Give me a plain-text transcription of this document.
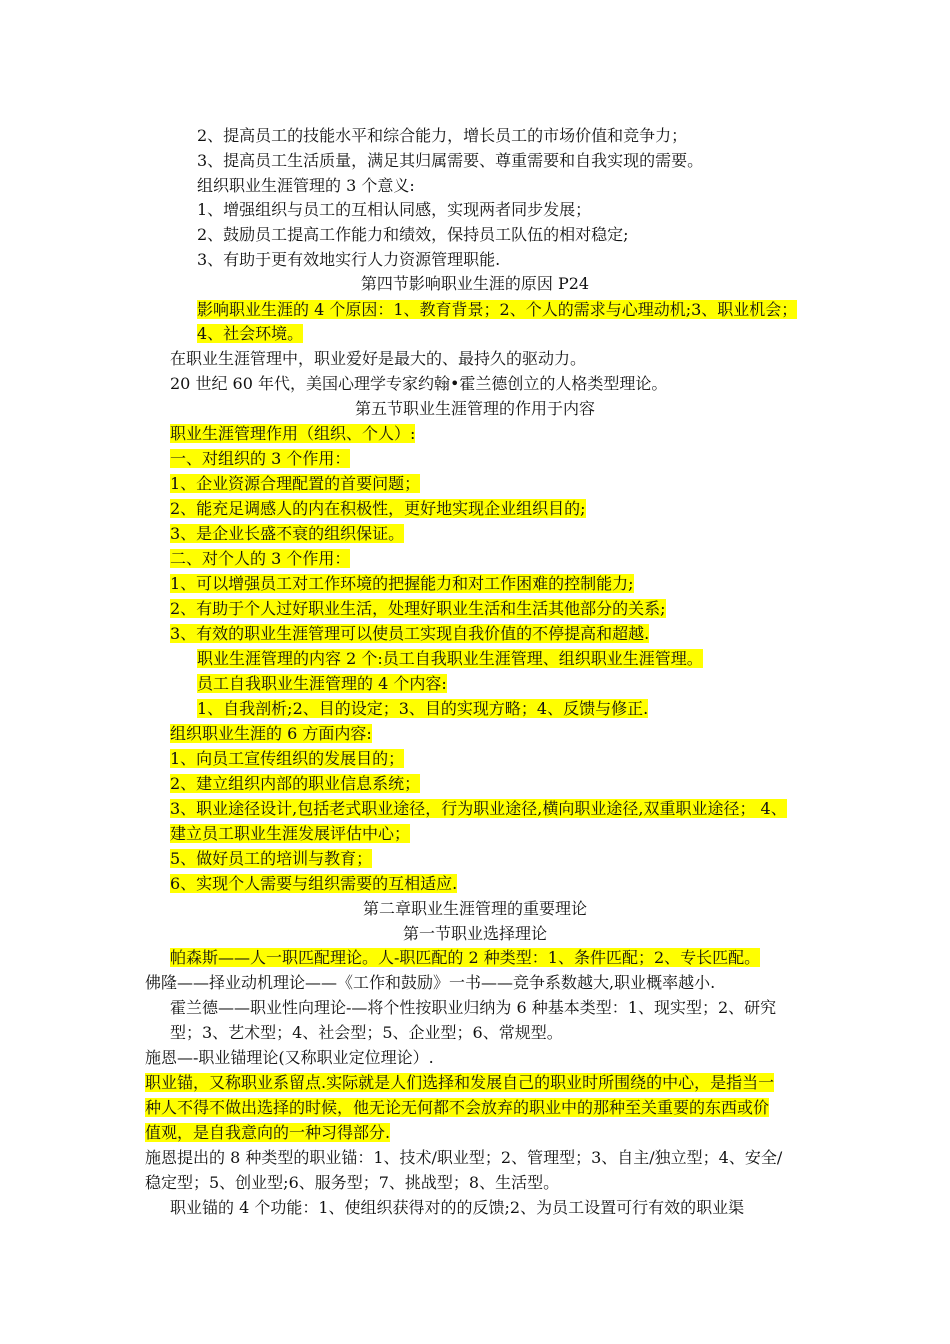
2、提高员工的技能水平和综合能力，增长员工的市场价值和竞争力；
3、提高员工生活质量，满足其归属需要、尊重需要和自我实现的需要。
组织职业生涯管理的 3 个意义:
1、增强组织与员工的互相认同感，实现两者同步发展；
2、鼓励员工提高工作能力和绩效，保持员工队伍的相对稳定;
3、有助于更有效地实行人力资源管理职能.
第四节影响职业生涯的原因 P24
影响职业生涯的 4 个原因：1、教育背景；2、个人的需求与心理动机;3、职业机会；
4、社会环境。
在职业生涯管理中，职业爱好是最大的、最持久的驱动力。
20 世纪 60 年代，美国心理学专家约翰•霍兰德创立的人格类型理论。
第五节职业生涯管理的作用于内容
职业生涯管理作用（组织、个人）:
一、对组织的 3 个作用：
1、企业资源合理配置的首要问题；
2、能充足调感人的内在积极性，更好地实现企业组织目的;
3、是企业长盛不衰的组织保证。
二、对个人的 3 个作用：
1、可以增强员工对工作环境的把握能力和对工作困难的控制能力;
2、有助于个人过好职业生活，处理好职业生活和生活其他部分的关系;
3、有效的职业生涯管理可以使员工实现自我价值的不停提高和超越.
职业生涯管理的内容 2 个:员工自我职业生涯管理、组织职业生涯管理。
员工自我职业生涯管理的 4 个内容:
1、自我剖析;2、目的设定；3、目的实现方略；4、反馈与修正.
组织职业生涯的 6 方面内容:
1、向员工宣传组织的发展目的；
2、建立组织内部的职业信息系统；
3、职业途径设计,包括老式职业途径，行为职业途径,横向职业途径,双重职业途径； 4、
建立员工职业生涯发展评估中心；
5、做好员工的培训与教育；
6、实现个人需要与组织需要的互相适应.
第二章职业生涯管理的重要理论
第一节职业选择理论
帕森斯——人一职匹配理论。人-职匹配的 2 种类型：1、条件匹配；2、专长匹配。
佛隆——择业动机理论——《工作和鼓励》一书——竞争系数越大,职业概率越小.
霍兰德——职业性向理论-—将个性按职业归纳为 6 种基本类型：1、现实型；2、研究
型；3、艺术型；4、社会型；5、企业型；6、常规型。
施恩—-职业锚理论(又称职业定位理论）.
职业锚，又称职业系留点.实际就是人们选择和发展自己的职业时所围绕的中心，是指当一
种人不得不做出选择的时候，他无论无何都不会放弃的职业中的那种至关重要的东西或价
值观，是自我意向的一种习得部分.
施恩提出的 8 种类型的职业锚：1、技术/职业型；2、管理型；3、自主/独立型；4、安全/
稳定型；5、创业型;6、服务型；7、挑战型；8、生活型。
职业锚的 4 个功能：1、使组织获得对的的反馈;2、为员工设置可行有效的职业渠
